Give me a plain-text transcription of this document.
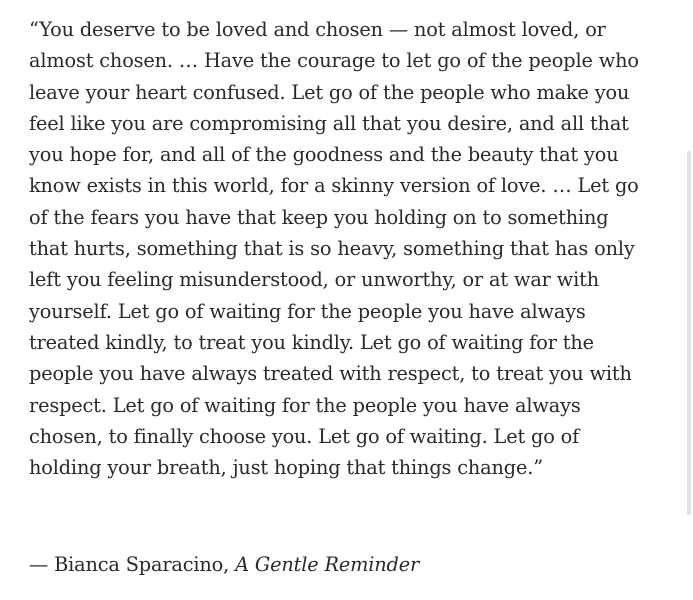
“You deserve to be loved and chosen — not almost loved, or
almost chosen. … Have the courage to let go of the people who
leave your heart confused. Let go of the people who make you
feel like you are compromising all that you desire, and all that
you hope for, and all of the goodness and the beauty that you
know exists in this world, for a skinny version of love. … Let go
of the fears you have that keep you holding on to something
that hurts, something that is so heavy, something that has only
left you feeling misunderstood, or unworthy, or at war with
yourself. Let go of waiting for the people you have always
treated kindly, to treat you kindly. Let go of waiting for the
people you have always treated with respect, to treat you with
respect. Let go of waiting for the people you have always
chosen, to finally choose you. Let go of waiting. Let go of
holding your breath, just hoping that things change.”

— Bianca Sparacino, A Gentle Reminder
